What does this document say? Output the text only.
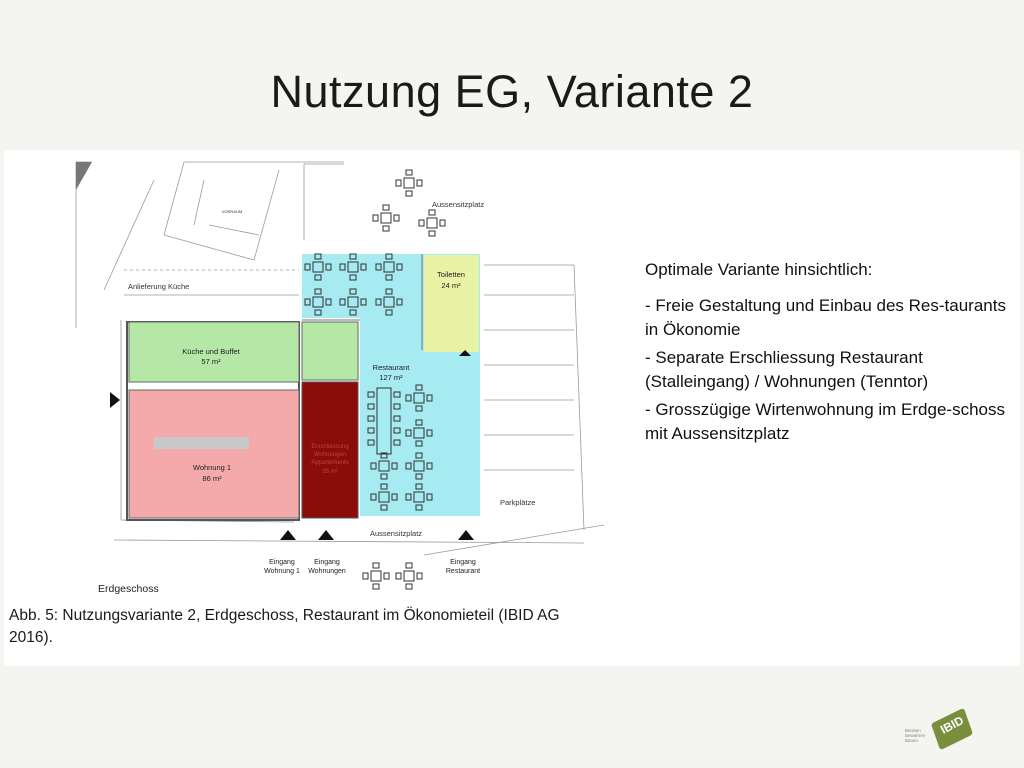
Nutzung EG, Variante 2
VORRAUM
Aussensitzplatz
Anlieferung Küche
Küche und Buffet
57 m²
Wohnung 1
86 m²
Erschliessung
Wohnungen
Appartements
35 m²
Toiletten
24 m²
Restaurant
127 m²
Parkplätze
Aussensitzplatz
Eingang
Wohnung 1
Eingang
Wohnungen
Eingang
Restaurant
Erdgeschoss
Abb. 5: Nutzungsvariante 2, Erdgeschoss, Restaurant im Ökonomieteil (IBID AG
2016).

Optimale Variante hinsichtlich:

- Freie Gestaltung und Einbau des Res-taurants in Ökonomie

- Separate Erschliessung Restaurant (Stalleingang) / Wohnungen (Tenntor)

- Grosszügige Wirtenwohnung im Erdge-schoss mit Aussensitzplatz

IBID
Beraten Bewahren Bauen
